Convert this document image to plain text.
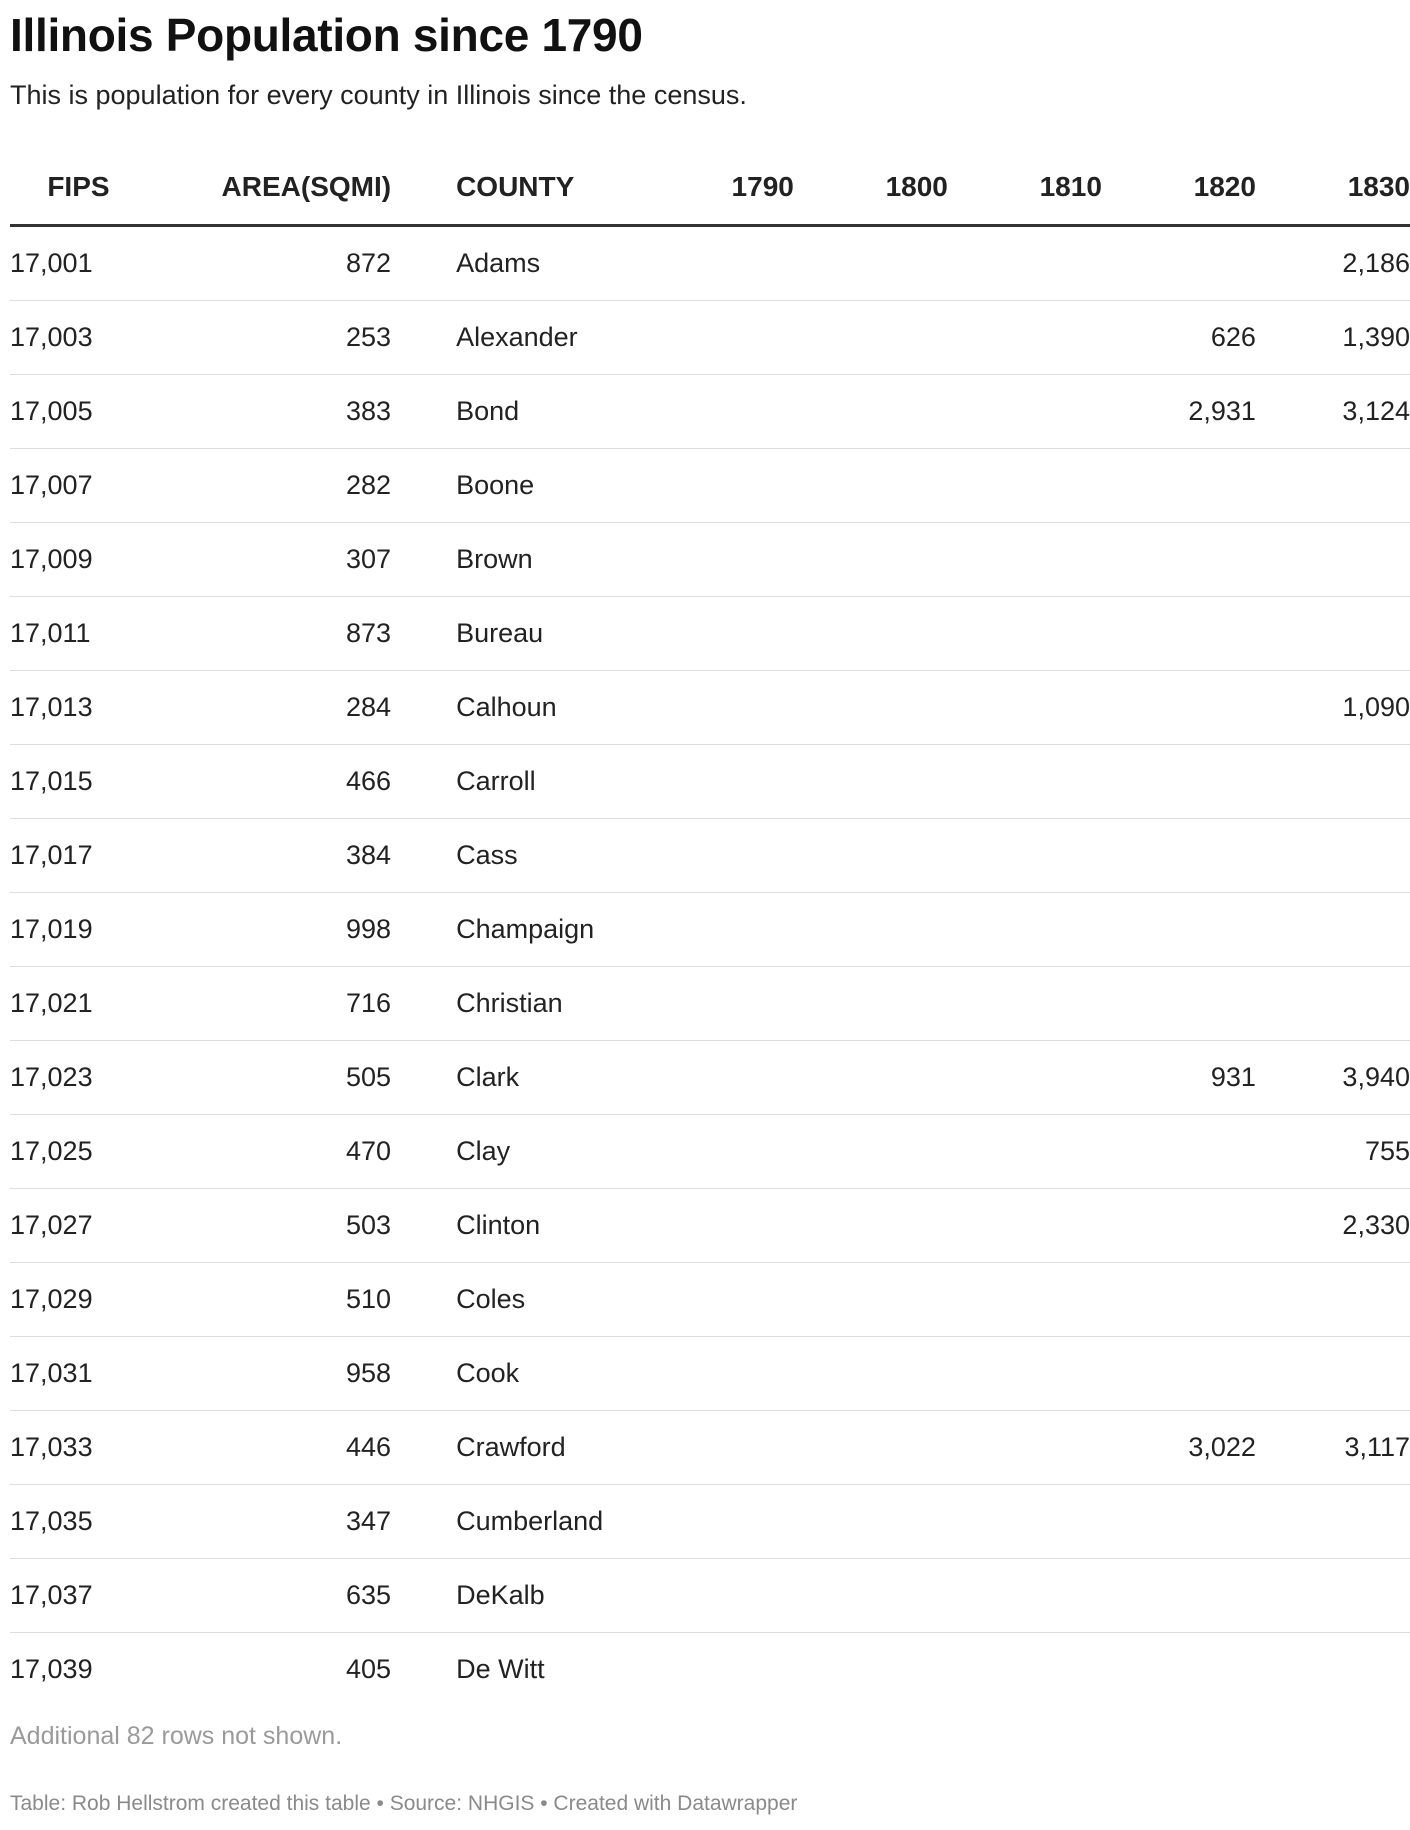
Illinois Population since 1790
This is population for every county in Illinois since the census.
FIPS	AREA(SQMI)	COUNTY	1790	1800	1810	1820	1830
17,001	872	Adams					2,186
17,003	253	Alexander				626	1,390
17,005	383	Bond				2,931	3,124
17,007	282	Boone					
17,009	307	Brown					
17,011	873	Bureau					
17,013	284	Calhoun					1,090
17,015	466	Carroll					
17,017	384	Cass					
17,019	998	Champaign					
17,021	716	Christian					
17,023	505	Clark				931	3,940
17,025	470	Clay					755
17,027	503	Clinton					2,330
17,029	510	Coles					
17,031	958	Cook					
17,033	446	Crawford				3,022	3,117
17,035	347	Cumberland					
17,037	635	DeKalb					
17,039	405	De Witt					
Additional 82 rows not shown.
Table: Rob Hellstrom created this table • Source: NHGIS • Created with Datawrapper
